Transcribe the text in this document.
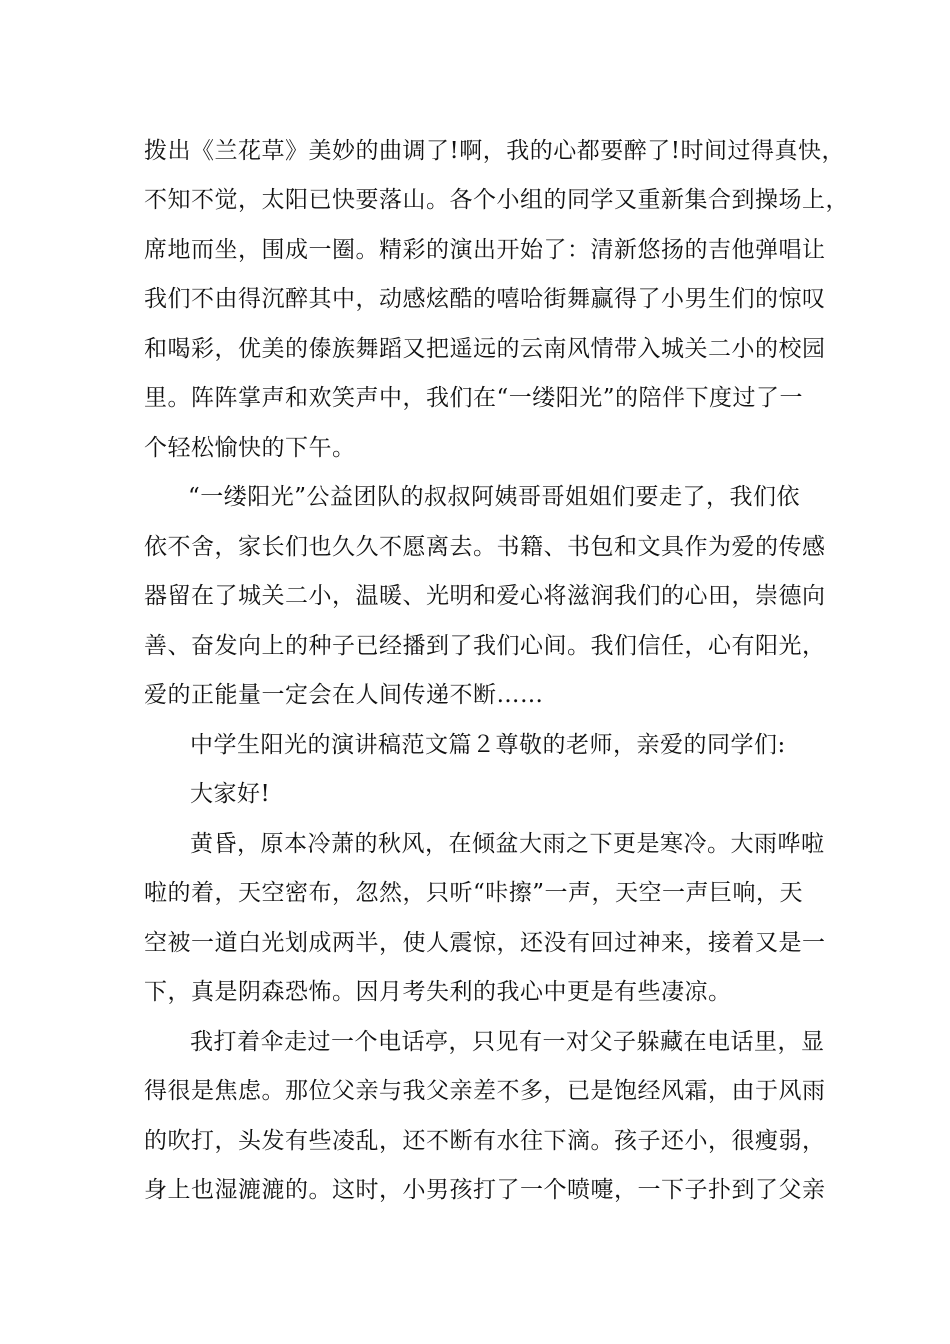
拨出《兰花草》美妙的曲调了!啊，我的心都要醉了!时间过得真快，
不知不觉，太阳已快要落山。各个小组的同学又重新集合到操场上，
席地而坐，围成一圈。精彩的演出开始了：清新悠扬的吉他弹唱让
我们不由得沉醉其中，动感炫酷的嘻哈街舞赢得了小男生们的惊叹
和喝彩，优美的傣族舞蹈又把遥远的云南风情带入城关二小的校园
里。阵阵掌声和欢笑声中，我们在“一缕阳光”的陪伴下度过了一
个轻松愉快的下午。
“一缕阳光”公益团队的叔叔阿姨哥哥姐姐们要走了，我们依
依不舍，家长们也久久不愿离去。书籍、书包和文具作为爱的传感
器留在了城关二小，温暖、光明和爱心将滋润我们的心田，崇德向
善、奋发向上的种子已经播到了我们心间。我们信任，心有阳光，
爱的正能量一定会在人间传递不断……
中学生阳光的演讲稿范文篇２尊敬的老师，亲爱的同学们:
大家好!
黄昏，原本冷萧的秋风，在倾盆大雨之下更是寒冷。大雨哗啦
啦的着，天空密布，忽然，只听“咔擦”一声，天空一声巨响，天
空被一道白光划成两半，使人震惊，还没有回过神来，接着又是一
下，真是阴森恐怖。因月考失利的我心中更是有些凄凉。
我打着伞走过一个电话亭，只见有一对父子躲藏在电话里，显
得很是焦虑。那位父亲与我父亲差不多，已是饱经风霜，由于风雨
的吹打，头发有些凌乱，还不断有水往下滴。孩子还小，很瘦弱，
身上也湿漉漉的。这时，小男孩打了一个喷嚏，一下子扑到了父亲
